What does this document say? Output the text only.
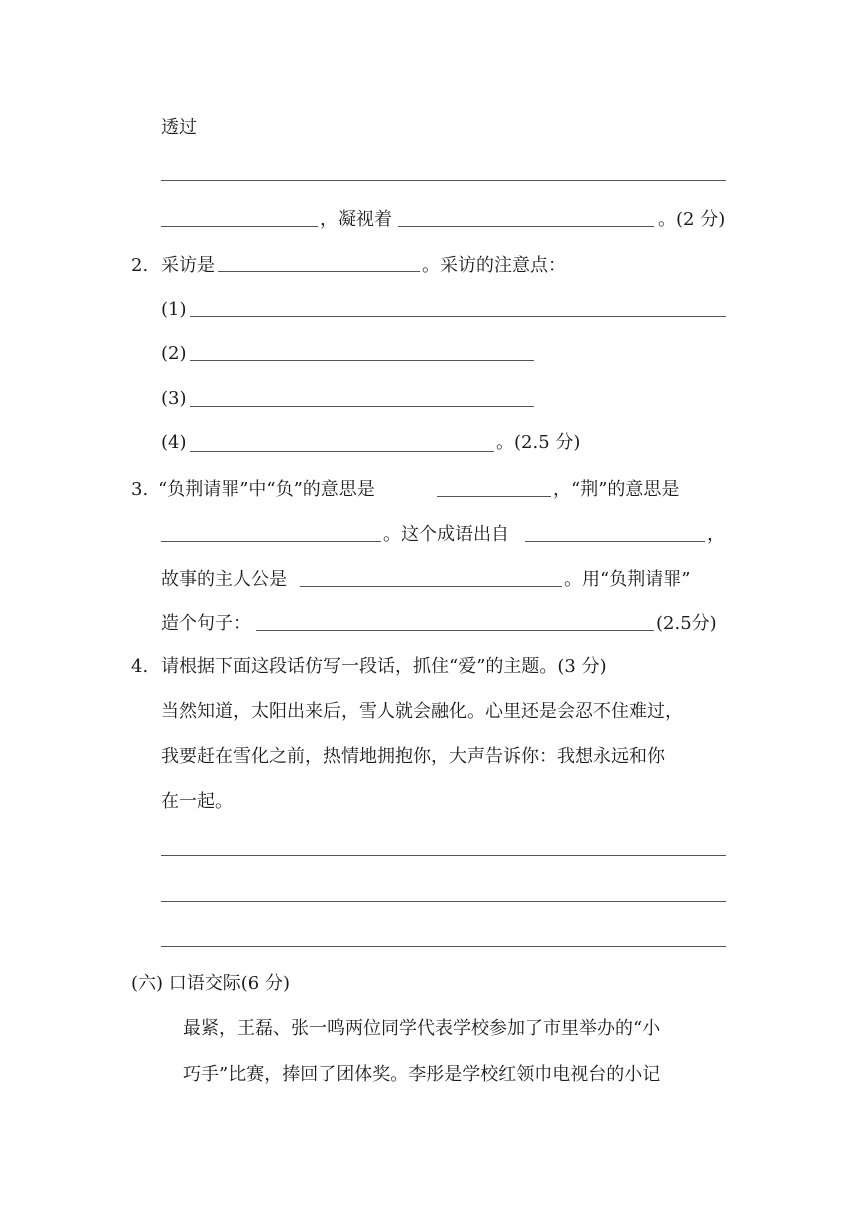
透过
，凝视着	。(2 分)
2. 采访是	。采访的注意点：
(1)
(2)
(3)
(4)	。(2.5 分)
3. “负荆请罪”中“负”的意思是	，“荆”的意思是
。这个成语出自	，
故事的主人公是	。用“负荆请罪”
造个句子：	(2.5分)
4. 请根据下面这段话仿写一段话，抓住“爱”的主题。(3 分)
当然知道，太阳出来后，雪人就会融化。心里还是会忍不住难过，
我要赶在雪化之前，热情地拥抱你，大声告诉你：我想永远和你
在一起。
(六) 口语交际(6 分)
最紧，王磊、张一鸣两位同学代表学校参加了市里举办的“小
巧手”比赛，捧回了团体奖。李彤是学校红领巾电视台的小记
